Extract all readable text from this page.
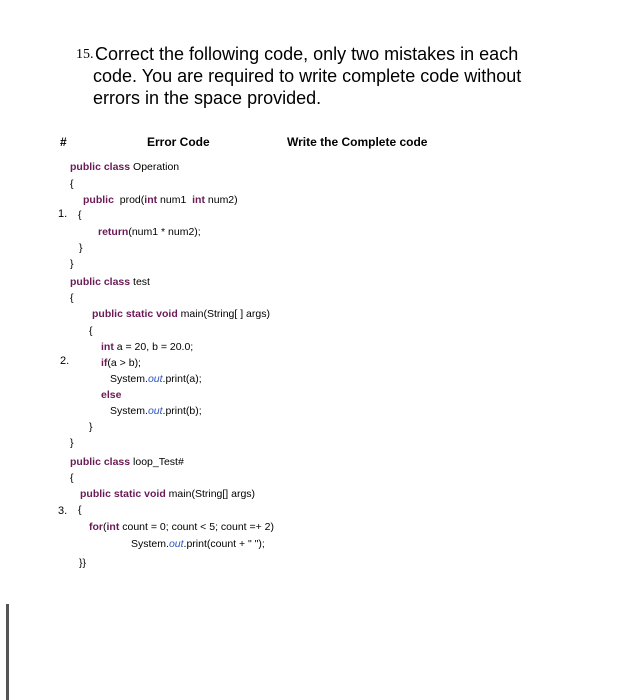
15. Correct the following code, only two mistakes in each
code. You are required to write complete code without
errors in the space provided.
#	Error Code	Write the Complete code
1.
2.
3.
public class Operation
{
public  prod(int num1  int num2)
{
return(num1 * num2);
}
}
public class test
{
public static void main(String[ ] args)
{
int a = 20, b = 20.0;
if(a > b);
System.out.print(a);
else
System.out.print(b);
}
}
public class loop_Test#
{
public static void main(String[] args)
{
for(int count = 0; count < 5; count =+ 2)
System.out.print(count + " ");
}}
